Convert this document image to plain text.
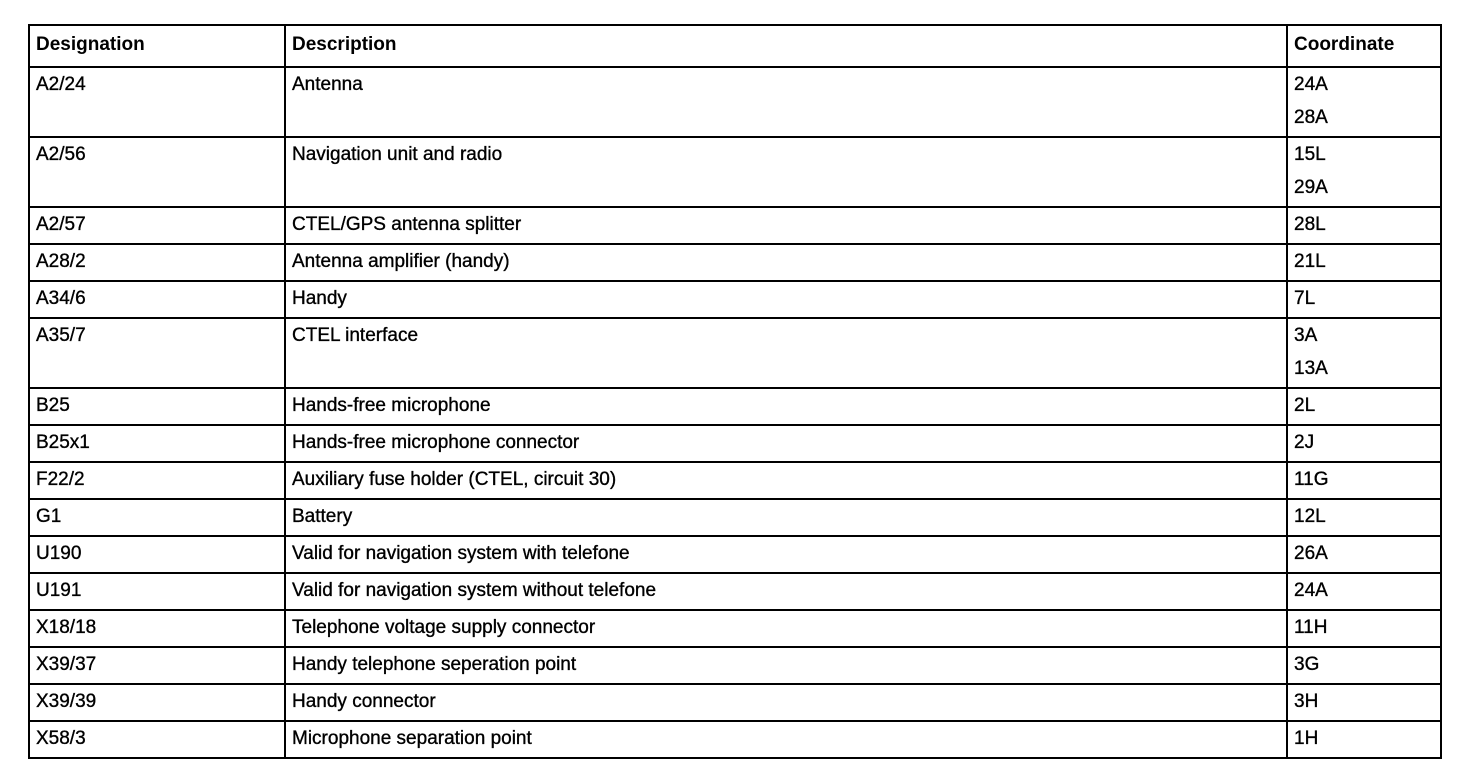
Designation	Description	Coordinate
A2/24	Antenna	24A
28A

A2/56	Navigation unit and radio	15L
29A

A2/57	CTEL/GPS antenna splitter	28L

A28/2	Antenna amplifier (handy)	21L

A34/6	Handy	7L

A35/7	CTEL interface	3A
13A

B25	Hands-free microphone	2L

B25x1	Hands-free microphone connector	2J

F22/2	Auxiliary fuse holder (CTEL, circuit 30)	11G

G1	Battery	12L

U190	Valid for navigation system with telefone	26A

U191	Valid for navigation system without telefone	24A

X18/18	Telephone voltage supply connector	11H

X39/37	Handy telephone seperation point	3G

X39/39	Handy connector	3H

X58/3	Microphone separation point	1H
